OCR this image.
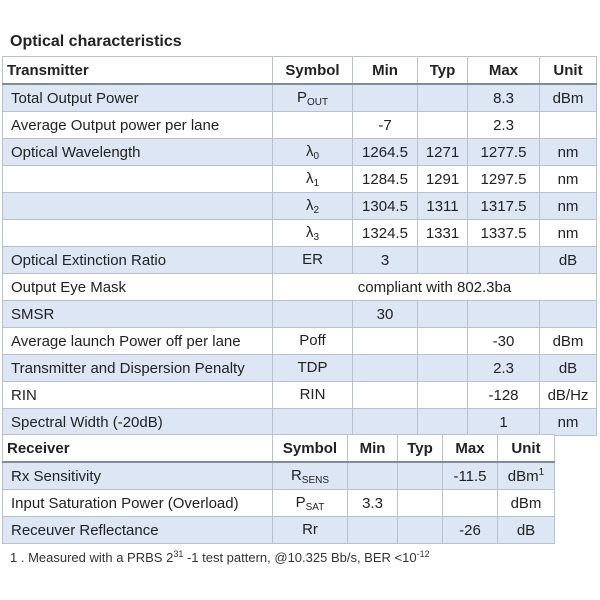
Optical characteristics
Transmitter	Symbol	Min	Typ	Max	Unit
Total Output Power	$P_{OUT}$			8.3	dBm
Average Output power per lane		-7		2.3	
Optical Wavelength	$\lambda_0$	1264.5	1271	1277.5	nm
	$\lambda_1$	1284.5	1291	1297.5	nm
	$\lambda_2$	1304.5	1311	1317.5	nm
	$\lambda_3$	1324.5	1331	1337.5	nm
Optical Extinction Ratio	ER	3			dB
Output Eye Mask	compliant with 802.3ba				
SMSR		30			
Average launch Power off per lane	Poff			-30	dBm
Transmitter and Dispersion Penalty	TDP			2.3	dB
RIN	RIN			-128	dB/Hz
Spectral Width (-20dB)				1	nm
Receiver	Symbol	Min	Typ	Max	Unit
Rx Sensitivity	$R_{SENS}$			-11.5	dBm$^1$
Input Saturation Power (Overload)	$P_{SAT}$	3.3			dBm
Receuver Reflectance	Rr			-26	dB
1 . Measured with a PRBS $2^{31}$ -1 test pattern, @10.325 Bb/s, BER $<10^{-12}$
